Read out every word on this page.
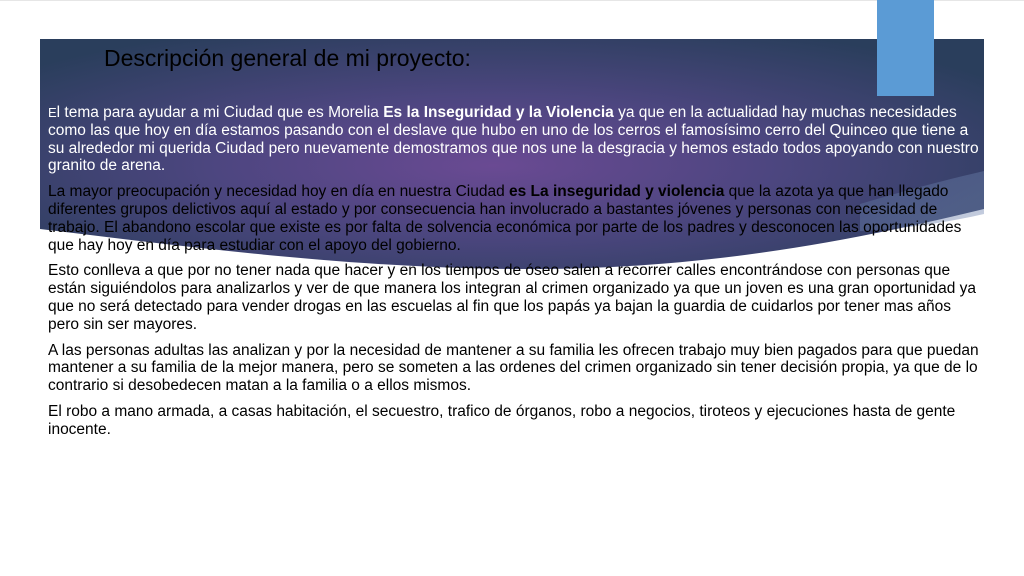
Descripción general de mi proyecto:

El tema para ayudar a mi Ciudad que es Morelia Es la Inseguridad y la Violencia ya que en la actualidad hay muchas necesidades como las que hoy en día estamos pasando con el deslave que hubo en uno de los cerros el famosísimo cerro del Quinceo que tiene a su alrededor mi querida Ciudad pero nuevamente demostramos que nos une la desgracia y hemos estado todos apoyando con nuestro granito de arena.

La mayor preocupación y necesidad hoy en día en nuestra Ciudad es La inseguridad y violencia que la azota ya que han llegado diferentes grupos delictivos aquí al estado y por consecuencia han involucrado a bastantes jóvenes y personas con necesidad de trabajo. El abandono escolar que existe es por falta de solvencia económica por parte de los padres y desconocen las oportunidades que hay hoy en día para estudiar con el apoyo del gobierno.

Esto conlleva a que por no tener nada que hacer y en los tiempos de óseo salen a recorrer calles encontrándose con personas que están siguiéndolos para analizarlos y ver de que manera los integran al crimen organizado ya que un joven es una gran oportunidad ya que no será detectado para vender drogas en las escuelas al fin que los papás ya bajan la guardia de cuidarlos por tener mas años pero sin ser mayores.

A las personas adultas las analizan y por la necesidad de mantener a su familia les ofrecen trabajo muy bien pagados para que puedan mantener a su familia de la mejor manera, pero se someten a las ordenes del crimen organizado sin tener decisión propia, ya que de lo contrario si desobedecen matan a la familia o a ellos mismos.

El robo a mano armada, a casas habitación, el secuestro, trafico de órganos, robo a negocios, tiroteos y ejecuciones hasta de gente inocente.
